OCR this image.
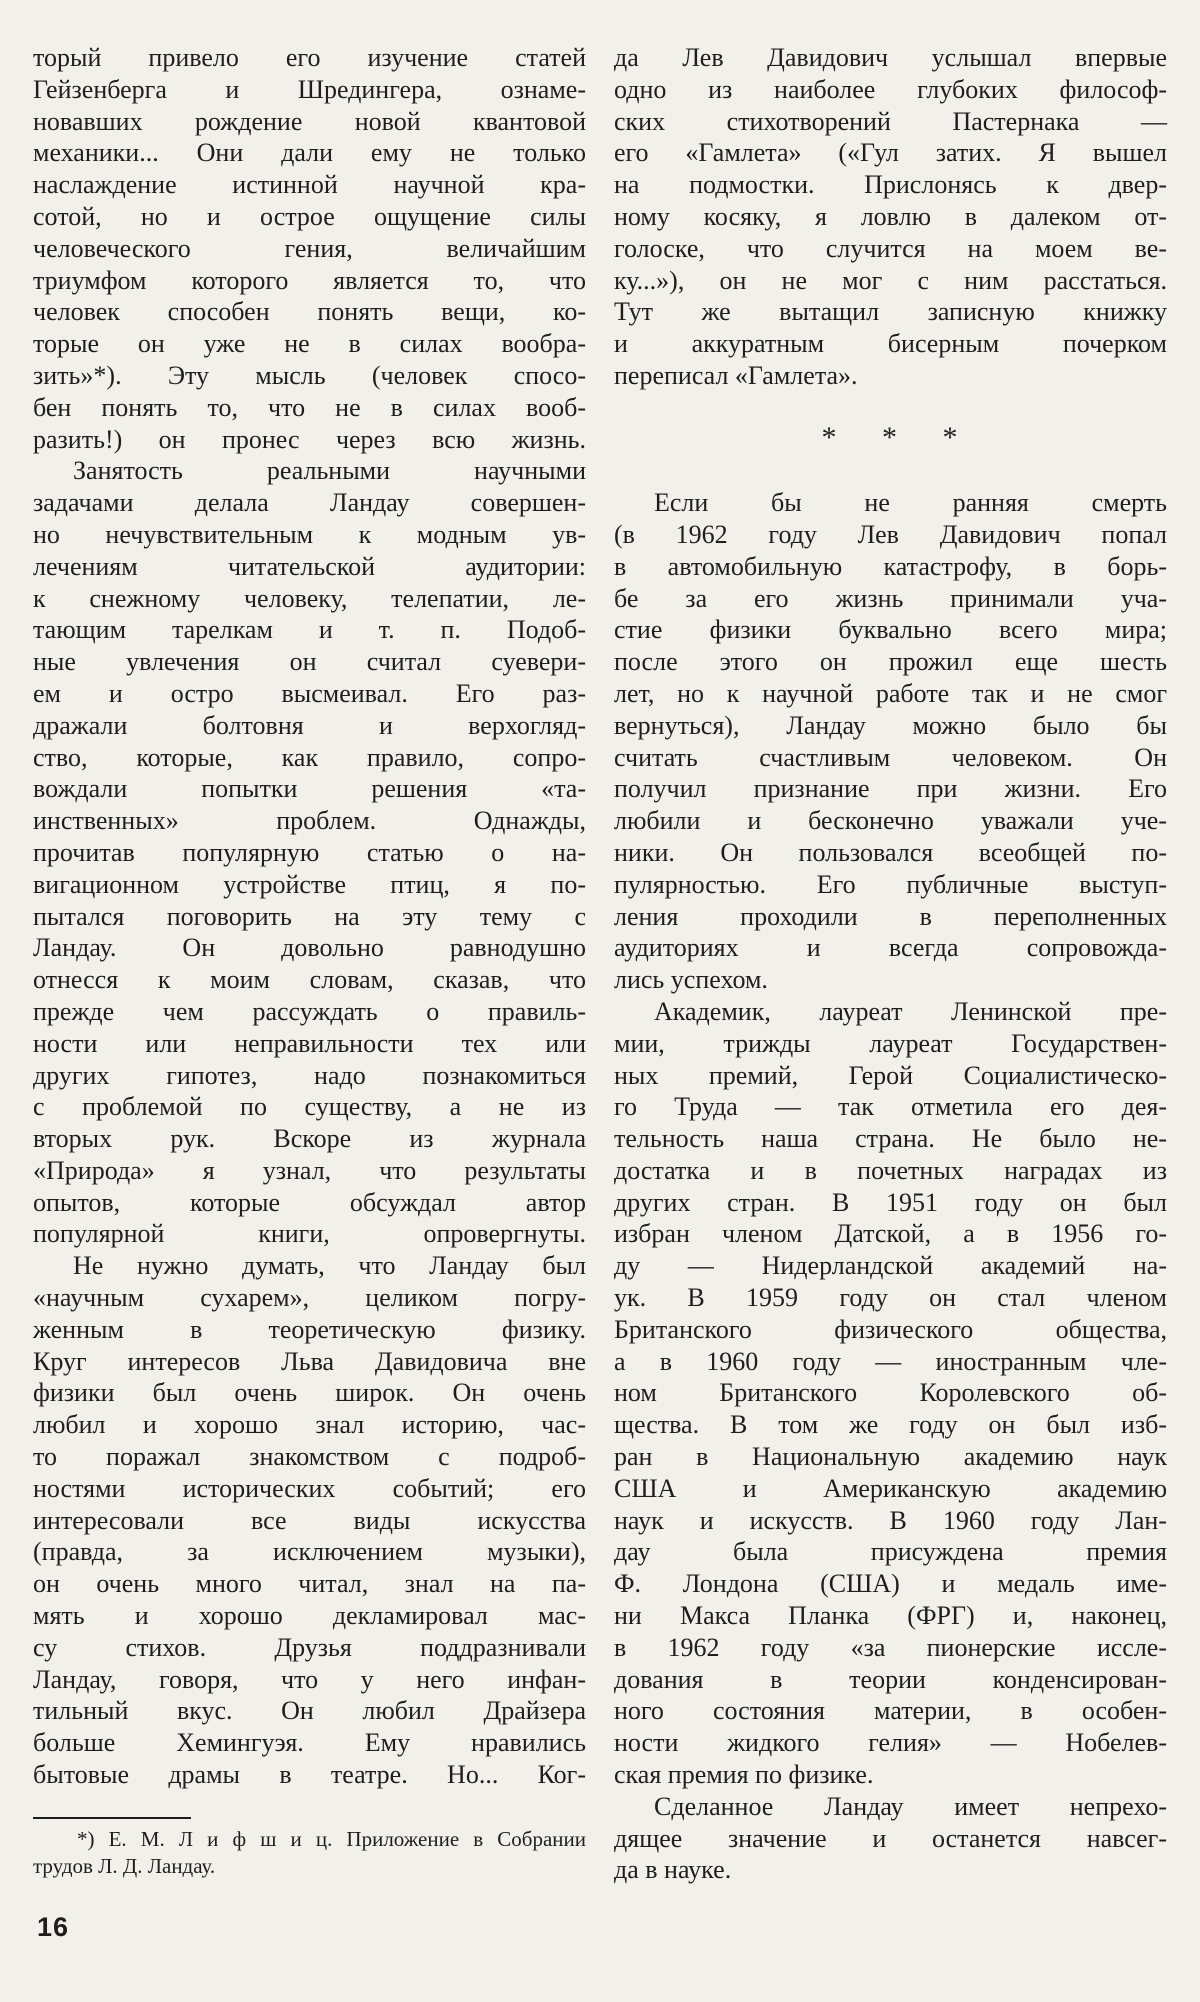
торый привело его изучение статей
Гейзенберга и Шредингера, ознаме-
новавших рождение новой квантовой
механики... Они дали ему не только
наслаждение истинной научной кра-
сотой, но и острое ощущение силы
человеческого гения, величайшим
триумфом которого является то, что
человек способен понять вещи, ко-
торые он уже не в силах вообра-
зить»*). Эту мысль (человек спосо-
бен понять то, что не в силах вооб-
разить!) он пронес через всю жизнь.
Занятость реальными научными
задачами делала Ландау совершен-
но нечувствительным к модным ув-
лечениям читательской аудитории:
к снежному человеку, телепатии, ле-
тающим тарелкам и т. п. Подоб-
ные увлечения он считал суевери-
ем и остро высмеивал. Его раз-
дражали болтовня и верхогляд-
ство, которые, как правило, сопро-
вождали попытки решения «та-
инственных» проблем. Однажды,
прочитав популярную статью о на-
вигационном устройстве птиц, я по-
пытался поговорить на эту тему с
Ландау. Он довольно равнодушно
отнесся к моим словам, сказав, что
прежде чем рассуждать о правиль-
ности или неправильности тех или
других гипотез, надо познакомиться
с проблемой по существу, а не из
вторых рук. Вскоре из журнала
«Природа» я узнал, что результаты
опытов, которые обсуждал автор
популярной книги, опровергнуты.
Не нужно думать, что Ландау был
«научным сухарем», целиком погру-
женным в теоретическую физику.
Круг интересов Льва Давидовича вне
физики был очень широк. Он очень
любил и хорошо знал историю, час-
то поражал знакомством с подроб-
ностями исторических событий; его
интересовали все виды искусства
(правда, за исключением музыки),
он очень много читал, знал на па-
мять и хорошо декламировал мас-
су стихов. Друзья поддразнивали
Ландау, говоря, что у него инфан-
тильный вкус. Он любил Драйзера
больше Хемингуэя. Ему нравились
бытовые драмы в театре. Но... Ког-
*) Е. М. Л и ф ш и ц. Приложение в Собрании
трудов Л. Д. Ландау.
да Лев Давидович услышал впервые
одно из наиболее глубоких философ-
ских стихотворений Пастернака —
его «Гамлета» («Гул затих. Я вышел
на подмостки. Прислонясь к двер-
ному косяку, я ловлю в далеком от-
голоске, что случится на моем ве-
ку...»), он не мог с ним расстаться.
Тут же вытащил записную книжку
и аккуратным бисерным почерком
переписал «Гамлета».
* * *
Если бы не ранняя смерть
(в 1962 году Лев Давидович попал
в автомобильную катастрофу, в борь-
бе за его жизнь принимали уча-
стие физики буквально всего мира;
после этого он прожил еще шесть
лет, но к научной работе так и не смог
вернуться), Ландау можно было бы
считать счастливым человеком. Он
получил признание при жизни. Его
любили и бесконечно уважали уче-
ники. Он пользовался всеобщей по-
пулярностью. Его публичные выступ-
ления проходили в переполненных
аудиториях и всегда сопровожда-
лись успехом.
Академик, лауреат Ленинской пре-
мии, трижды лауреат Государствен-
ных премий, Герой Социалистическо-
го Труда — так отметила его дея-
тельность наша страна. Не было не-
достатка и в почетных наградах из
других стран. В 1951 году он был
избран членом Датской, а в 1956 го-
ду — Нидерландской академий на-
ук. В 1959 году он стал членом
Британского физического общества,
а в 1960 году — иностранным чле-
ном Британского Королевского об-
щества. В том же году он был изб-
ран в Национальную академию наук
США и Американскую академию
наук и искусств. В 1960 году Лан-
дау была присуждена премия
Ф. Лондона (США) и медаль име-
ни Макса Планка (ФРГ) и, наконец,
в 1962 году «за пионерские иссле-
дования в теории конденсирован-
ного состояния материи, в особен-
ности жидкого гелия» — Нобелев-
ская премия по физике.
Сделанное Ландау имеет непрехо-
дящее значение и останется навсег-
да в науке.
16
